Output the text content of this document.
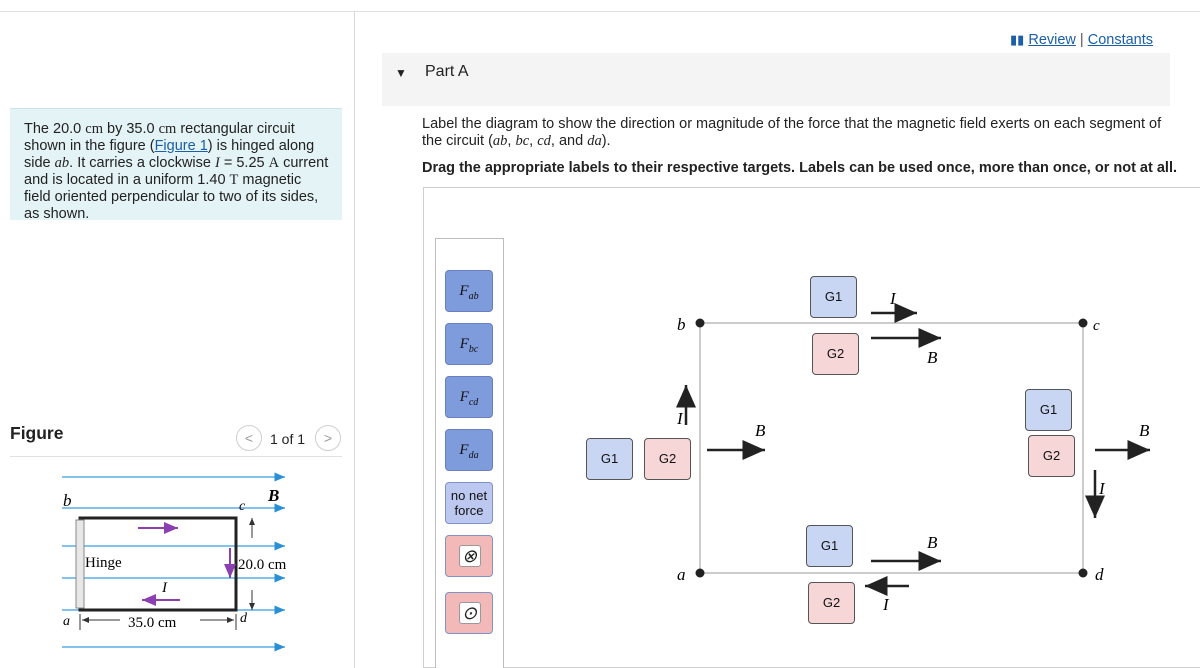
The 20.0 cm by 35.0 cm rectangular circuit shown in the figure (Figure 1) is hinged along side ab. It carries a clockwise I = 5.25 A current and is located in a uniform 1.40 T magnetic field oriented perpendicular to two of its sides, as shown.
Figure	<	1 of 1	>
b	c
a	d
B
Hinge
I
20.0 cm
35.0 cm
▮▮ Review | Constants
▼ Part A
Label the diagram to show the direction or magnitude of the force that the magnetic field exerts on each segment of the circuit (ab, bc, cd, and da).
Drag the appropriate labels to their respective targets. Labels can be used once, more than once, or not at all.
$F_{ab}$
$F_{bc}$
$F_{cd}$
$F_{da}$
no net force
⊗
⊙
b	c
a	d
B
B	B
B
I
I
I
I
G1
G2
G1	G2
G1
G2
G1
G2
